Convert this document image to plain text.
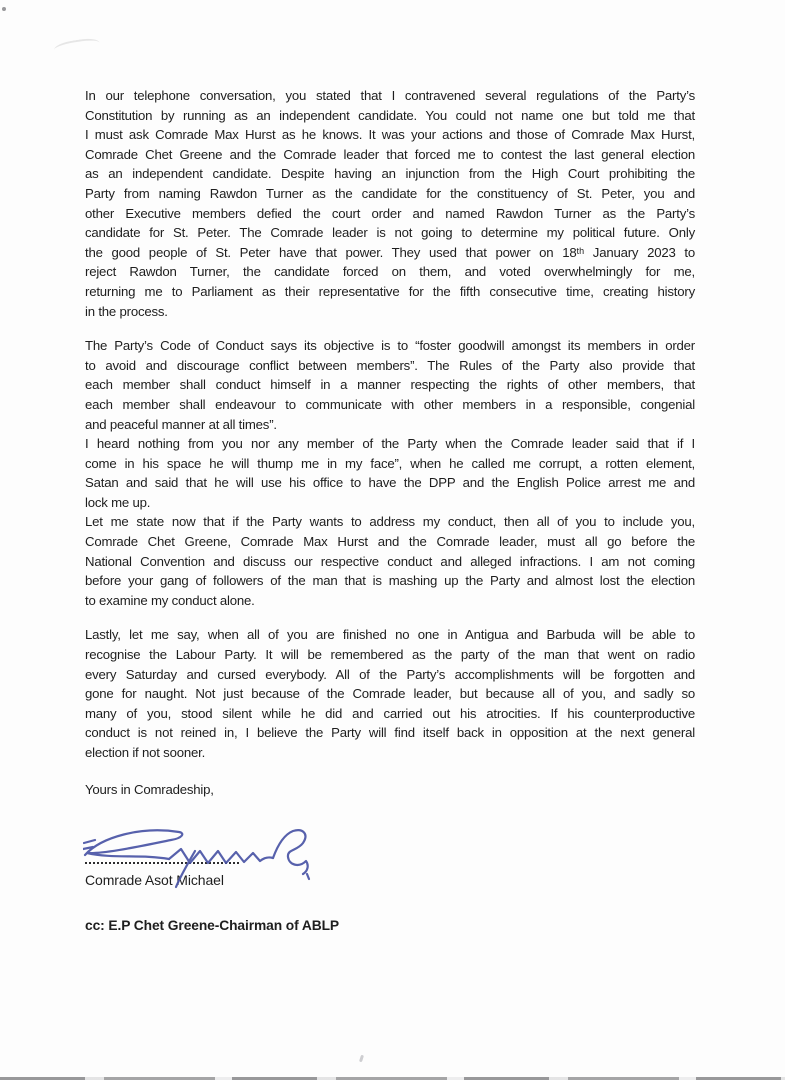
In our telephone conversation, you stated that I contravened several regulations of the Party’s
Constitution by running as an independent candidate. You could not name one but told me that
I must ask Comrade Max Hurst as he knows. It was your actions and those of Comrade Max Hurst,
Comrade Chet Greene and the Comrade leader that forced me to contest the last general election
as an independent candidate. Despite having an injunction from the High Court prohibiting the
Party from naming Rawdon Turner as the candidate for the constituency of St. Peter, you and
other Executive members defied the court order and named Rawdon Turner as the Party’s
candidate for St. Peter. The Comrade leader is not going to determine my political future. Only
the good people of St. Peter have that power. They used that power on 18ᵗʰ January 2023 to
reject Rawdon Turner, the candidate forced on them, and voted overwhelmingly for me,
returning me to Parliament as their representative for the fifth consecutive time, creating history
in the process.
The Party’s Code of Conduct says its objective is to “foster goodwill amongst its members in order
to avoid and discourage conflict between members”. The Rules of the Party also provide that
each member shall conduct himself in a manner respecting the rights of other members, that
each member shall endeavour to communicate with other members in a responsible, congenial
and peaceful manner at all times”.
I heard nothing from you nor any member of the Party when the Comrade leader said that if I
come in his space he will thump me in my face”, when he called me corrupt, a rotten element,
Satan and said that he will use his office to have the DPP and the English Police arrest me and
lock me up.
Let me state now that if the Party wants to address my conduct, then all of you to include you,
Comrade Chet Greene, Comrade Max Hurst and the Comrade leader, must all go before the
National Convention and discuss our respective conduct and alleged infractions. I am not coming
before your gang of followers of the man that is mashing up the Party and almost lost the election
to examine my conduct alone.
Lastly, let me say, when all of you are finished no one in Antigua and Barbuda will be able to
recognise the Labour Party. It will be remembered as the party of the man that went on radio
every Saturday and cursed everybody. All of the Party’s accomplishments will be forgotten and
gone for naught. Not just because of the Comrade leader, but because all of you, and sadly so
many of you, stood silent while he did and carried out his atrocities. If his counterproductive
conduct is not reined in, I believe the Party will find itself back in opposition at the next general
election if not sooner.
Yours in Comradeship,
Comrade Asot Michael
cc: E.P Chet Greene-Chairman of ABLP
